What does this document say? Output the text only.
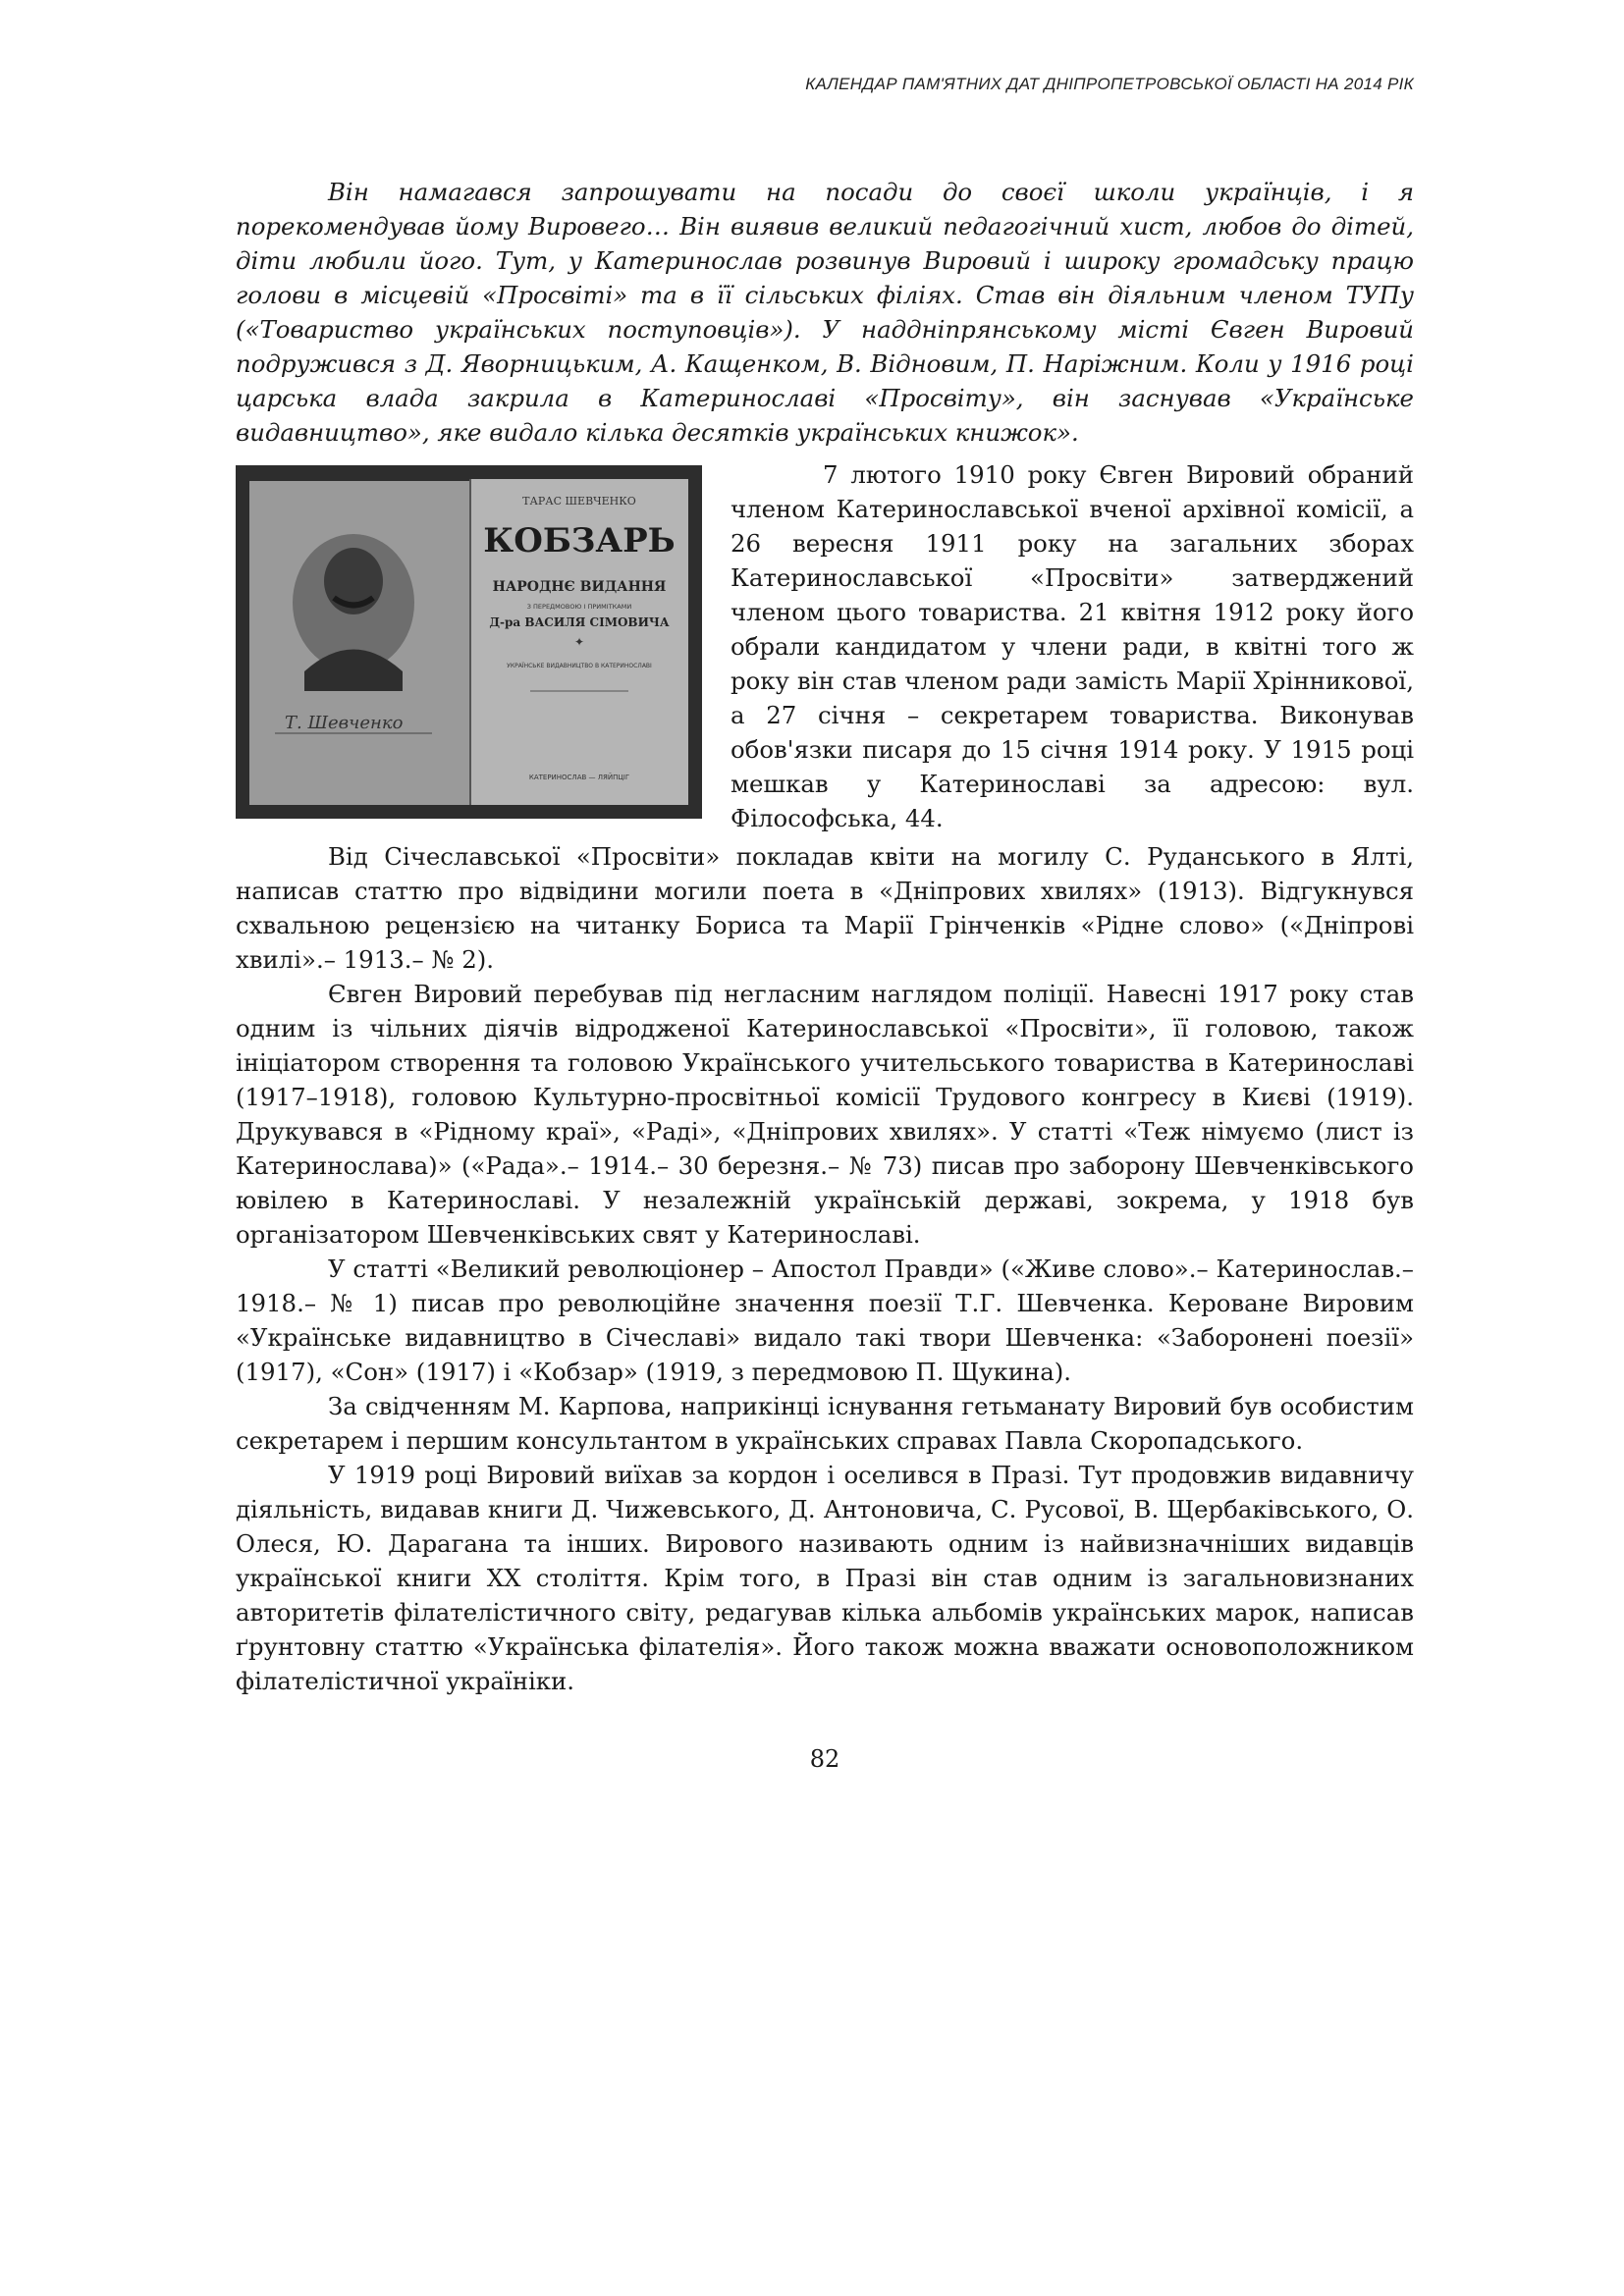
КАЛЕНДАР ПАМ'ЯТНИХ ДАТ ДНІПРОПЕТРОВСЬКОЇ ОБЛАСТІ НА 2014 РІК

Він намагався запрошувати на посади до своєї школи українців, і я порекомендував йому Вировего… Він виявив великий педагогічний хист, любов до дітей, діти любили його. Тут, у Катеринослав розвинув Вировий і широку громадську працю голови в місцевій «Просвіті» та в її сільських філіях. Став він діяльним членом ТУПу («Товариство українських поступовців»). У наддніпрянському місті Євген Вировий подружився з Д. Яворницьким, А. Кащенком, В. Відновим, П. Наріжним. Коли у 1916 році царська влада закрила в Катеринославі «Просвіту», він заснував «Українське видавництво», яке видало кілька десятків українських книжок».

Т. Шевченко
ТАРАС ШЕВЧЕНКО
КОБЗАРЬ
НАРОДНЄ ВИДАННЯ
З ПЕРЕДМОВОЮ І ПРИМІТКАМИ
Д-ра ВАСИЛЯ СІМОВИЧА
✦
УКРАЇНСЬКЕ ВИДАВНИЦТВО В КАТЕРИНОСЛАВІ
КАТЕРИНОСЛАВ — ЛЯЙПЦІГ

7 лютого 1910 року Євген Вировий обраний членом Катеринославської вченої архівної комісії, а 26 вересня 1911 року на загальних зборах Катеринославської «Просвіти» затверджений членом цього товариства. 21 квітня 1912 року його обрали кандидатом у члени ради, в квітні того ж року він став членом ради замість Марії Хрінникової, а 27 січня – секретарем товариства. Виконував обов'язки писаря до 15 січня 1914 року. У 1915 році мешкав у Катеринославі за адресою: вул. Філософська, 44.

Від Січеславської «Просвіти» покладав квіти на могилу С. Руданського в Ялті, написав статтю про відвідини могили поета в «Дніпрових хвилях» (1913). Відгукнувся схвальною рецензією на читанку Бориса та Марії Грінченків «Рідне слово» («Дніпрові хвилі».– 1913.– № 2).

Євген Вировий перебував під негласним наглядом поліції. Навесні 1917 року став одним із чільних діячів відродженої Катеринославської «Просвіти», її головою, також ініціатором створення та головою Українського учительського товариства в Катеринославі (1917–1918), головою Культурно-просвітньої комісії Трудового конгресу в Києві (1919). Друкувався в «Рідному краї», «Раді», «Дніпрових хвилях». У статті «Теж німуємо (лист із Катеринослава)» («Рада».– 1914.– 30 березня.– № 73) писав про заборону Шевченківського ювілею в Катеринославі. У незалежній українській державі, зокрема, у 1918 був організатором Шевченківських свят у Катеринославі.

У статті «Великий революціонер – Апостол Правди» («Живе слово».– Катеринослав.– 1918.– № 1) писав про революційне значення поезії Т.Г. Шевченка. Кероване Вировим «Українське видавництво в Січеславі» видало такі твори Шевченка: «Заборонені поезії» (1917), «Сон» (1917) і «Кобзар» (1919, з передмовою П. Щукина).

За свідченням М. Карпова, наприкінці існування гетьманату Вировий був особистим секретарем і першим консультантом в українських справах Павла Скоропадського.

У 1919 році Вировий виїхав за кордон і оселився в Празі. Тут продовжив видавничу діяльність, видавав книги Д. Чижевського, Д. Антоновича, С. Русової, В. Щербаківського, О. Олеся, Ю. Дарагана та інших. Вирового називають одним із найвизначніших видавців української книги XX століття. Крім того, в Празі він став одним із загальновизнаних авторитетів філателістичного світу, редагував кілька альбомів українських марок, написав ґрунтовну статтю «Українська філателія». Його також можна вважати основоположником філателістичної україніки.

82
